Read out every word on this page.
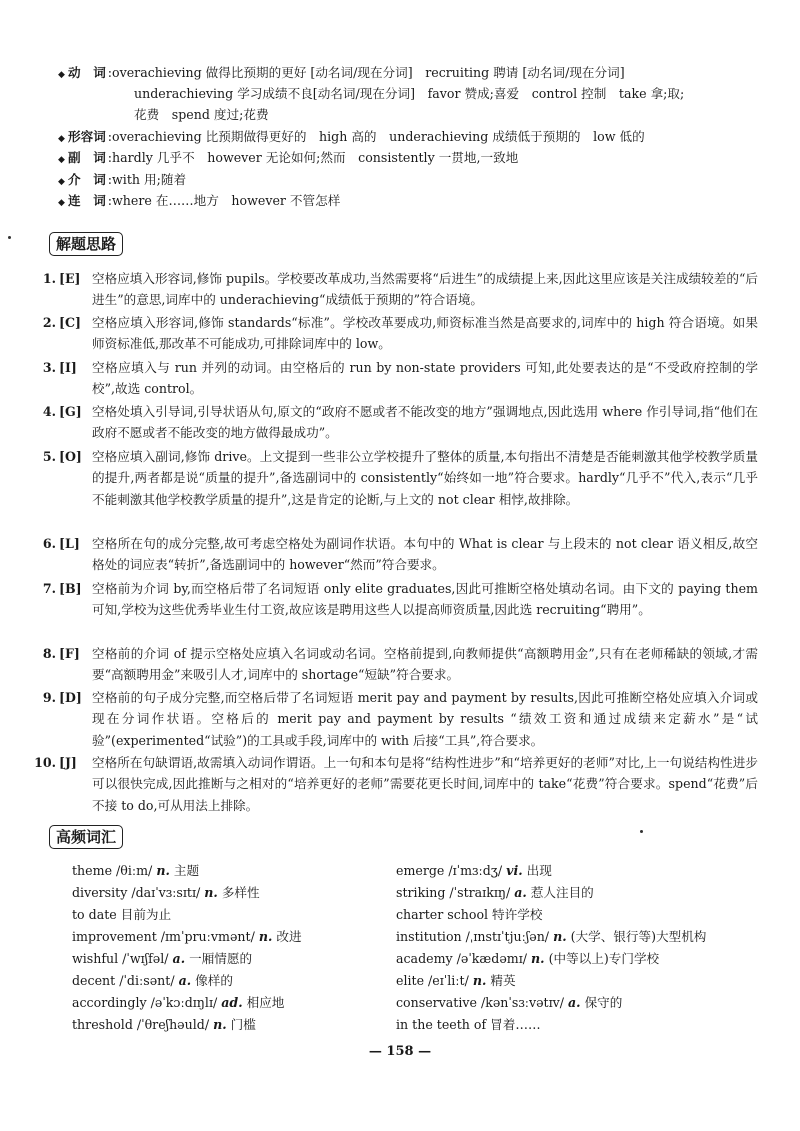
◆ 动　词 :overachieving 做得比预期的更好 [动名词/现在分词]　recruiting 聘请 [动名词/现在分词]
underachieving 学习成绩不良[动名词/现在分词]　favor 赞成;喜爱　control 控制　take 拿;取;
花费　spend 度过;花费
◆ 形容词 :overachieving 比预期做得更好的　high 高的　underachieving 成绩低于预期的　low 低的
◆ 副　词 :hardly 几乎不　however 无论如何;然而　consistently 一贯地,一致地
◆ 介　词 :with 用;随着
◆ 连　词 :where 在……地方　however 不管怎样
解题思路
1. [E] 空格应填入形容词,修饰 pupils。学校要改革成功,当然需要将“后进生”的成绩提上来,因此这里应该是关注成绩较差的“后进生”的意思,词库中的 underachieving“成绩低于预期的”符合语境。
2. [C] 空格应填入形容词,修饰 standards“标准”。学校改革要成功,师资标准当然是高要求的,词库中的 high 符合语境。如果师资标准低,那改革不可能成功,可排除词库中的 low。
3. [I] 空格应填入与 run 并列的动词。由空格后的 run by non-state providers 可知,此处要表达的是“不受政府控制的学校”,故选 control。
4. [G] 空格处填入引导词,引导状语从句,原文的“政府不愿或者不能改变的地方”强调地点,因此选用 where 作引导词,指“他们在政府不愿或者不能改变的地方做得最成功”。
5. [O] 空格应填入副词,修饰 drive。上文提到一些非公立学校提升了整体的质量,本句指出不清楚是否能刺激其他学校教学质量的提升,两者都是说“质量的提升”,备选副词中的 consistently“始终如一地”符合要求。hardly“几乎不”代入,表示“几乎不能刺激其他学校教学质量的提升”,这是肯定的论断,与上文的 not clear 相悖,故排除。
6. [L] 空格所在句的成分完整,故可考虑空格处为副词作状语。本句中的 What is clear 与上段末的 not clear 语义相反,故空格处的词应表“转折”,备选副词中的 however“然而”符合要求。
7. [B] 空格前为介词 by,而空格后带了名词短语 only elite graduates,因此可推断空格处填动名词。由下文的 paying them 可知,学校为这些优秀毕业生付工资,故应该是聘用这些人以提高师资质量,因此选 recruiting“聘用”。
8. [F] 空格前的介词 of 提示空格处应填入名词或动名词。空格前提到,向教师提供“高额聘用金”,只有在老师稀缺的领域,才需要“高额聘用金”来吸引人才,词库中的 shortage“短缺”符合要求。
9. [D] 空格前的句子成分完整,而空格后带了名词短语 merit pay and payment by results,因此可推断空格处应填入介词或现在分词作状语。空格后的 merit pay and payment by results “绩效工资和通过成绩来定薪水”是“试验”(experimented“试验”)的工具或手段,词库中的 with 后接“工具”,符合要求。
10. [J] 空格所在句缺谓语,故需填入动词作谓语。上一句和本句是将“结构性进步”和“培养更好的老师”对比,上一句说结构性进步可以很快完成,因此推断与之相对的“培养更好的老师”需要花更长时间,词库中的 take“花费”符合要求。spend“花费”后不接 to do,可从用法上排除。
高频词汇
theme /θiːm/ n. 主题
diversity /daɪˈvɜːsɪtɪ/ n. 多样性
to date 目前为止
improvement /ɪmˈpruːvmənt/ n. 改进
wishful /ˈwɪʃfəl/ a. 一厢情愿的
decent /ˈdiːsənt/ a. 像样的
accordingly /əˈkɔːdɪŋlɪ/ ad. 相应地
threshold /ˈθreʃhəuld/ n. 门槛
emerge /ɪˈmɜːdʒ/ vi. 出现
striking /ˈstraɪkɪŋ/ a. 惹人注目的
charter school 特许学校
institution /ˌɪnstɪˈtjuːʃən/ n. (大学、银行等)大型机构
academy /əˈkædəmɪ/ n. (中等以上)专门学校
elite /eɪˈliːt/ n. 精英
conservative /kənˈsɜːvətɪv/ a. 保守的
in the teeth of 冒着……
— 158 —
